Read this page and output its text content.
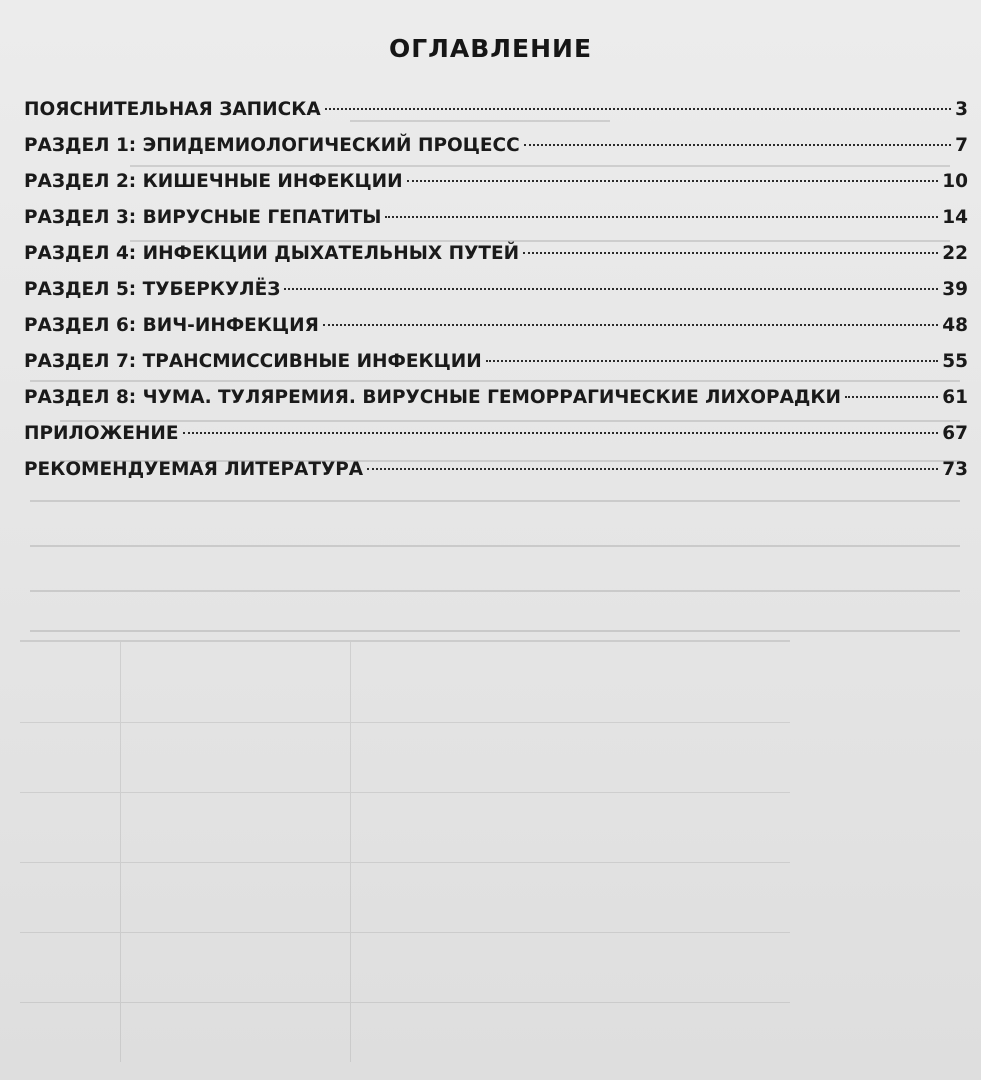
ОГЛАВЛЕНИЕ
ПОЯСНИТЕЛЬНАЯ ЗАПИСКА	3
РАЗДЕЛ 1: ЭПИДЕМИОЛОГИЧЕСКИЙ ПРОЦЕСС	7
РАЗДЕЛ 2: КИШЕЧНЫЕ ИНФЕКЦИИ	10
РАЗДЕЛ 3: ВИРУСНЫЕ ГЕПАТИТЫ	14
РАЗДЕЛ 4: ИНФЕКЦИИ ДЫХАТЕЛЬНЫХ ПУТЕЙ	22
РАЗДЕЛ 5: ТУБЕРКУЛЁЗ	39
РАЗДЕЛ 6: ВИЧ-ИНФЕКЦИЯ	48
РАЗДЕЛ 7: ТРАНСМИССИВНЫЕ ИНФЕКЦИИ	55
РАЗДЕЛ 8: ЧУМА. ТУЛЯРЕМИЯ. ВИРУСНЫЕ ГЕМОРРАГИЧЕСКИЕ ЛИХОРАДКИ	61
ПРИЛОЖЕНИЕ	67
РЕКОМЕНДУЕМАЯ ЛИТЕРАТУРА	73
